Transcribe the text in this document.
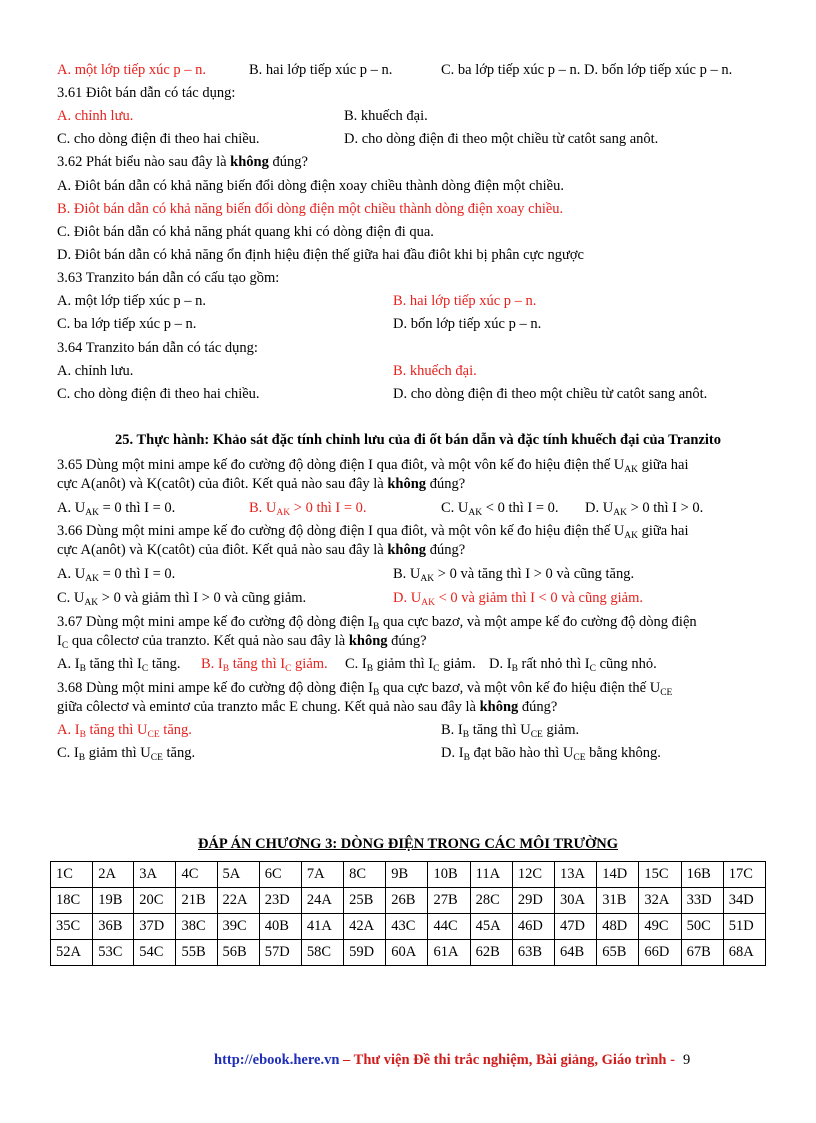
A. một lớp tiếp xúc p – n.	B. hai lớp tiếp xúc p – n.	C. ba lớp tiếp xúc p – n. D. bốn lớp tiếp xúc p – n.
3.61 Điôt bán dẫn có tác dụng:
A. chỉnh lưu.	B. khuếch đại.
C. cho dòng điện đi theo hai chiều.	D. cho dòng điện đi theo một chiều từ catôt sang anôt.
3.62 Phát biểu nào sau đây là không đúng?
A. Điôt bán dẫn có khả năng biến đổi dòng điện xoay chiều thành dòng điện một chiều.
B. Điôt bán dẫn có khả năng biến đổi dòng điện một chiều thành dòng điện xoay chiều.
C. Điôt bán dẫn có khả năng phát quang khi có dòng điện đi qua.
D. Điôt bán dẫn có khả năng ổn định hiệu điện thế giữa hai đầu điôt khi bị phân cực ngược
3.63 Tranzito bán dẫn có cấu tạo gồm:
A. một lớp tiếp xúc p – n.	B. hai lớp tiếp xúc p – n.
C. ba lớp tiếp xúc p – n.	D. bốn lớp tiếp xúc p – n.
3.64 Tranzito bán dẫn có tác dụng:
A. chỉnh lưu.	B. khuếch đại.
C. cho dòng điện đi theo hai chiều.	D. cho dòng điện đi theo một chiều từ catôt sang anôt.
25. Thực hành: Khảo sát đặc tính chỉnh lưu của đi ốt bán dẫn và đặc tính khuếch đại của Tranzito
3.65 Dùng một mini ampe kế đo cường độ dòng điện I qua điôt, và một vôn kế đo hiệu điện thế $U_{AK}$ giữa hai
cực A(anôt) và K(catôt) của điôt. Kết quả nào sau đây là không đúng?
A. $U_{AK} = 0$ thì I = 0.	B. $U_{AK} > 0$ thì I = 0.	C. $U_{AK} < 0$ thì I = 0. D. $U_{AK} > 0$ thì I > 0.
3.66 Dùng một mini ampe kế đo cường độ dòng điện I qua điôt, và một vôn kế đo hiệu điện thế $U_{AK}$ giữa hai
cực A(anôt) và K(catôt) của điôt. Kết quả nào sau đây là không đúng?
A. $U_{AK} = 0$ thì I = 0.	B. $U_{AK} > 0$ và tăng thì I > 0 và cũng tăng.
C. $U_{AK} > 0$ và giảm thì I > 0 và cũng giảm.	D. $U_{AK} < 0$ và giảm thì I < 0 và cũng giảm.
3.67 Dùng một mini ampe kế đo cường độ dòng điện $I_B$ qua cực bazơ, và một ampe kế đo cường độ dòng điện
$I_C$ qua côlectơ của tranzto. Kết quả nào sau đây là không đúng?
A. $I_B$ tăng thì $I_C$ tăng. B. $I_B$ tăng thì $I_C$ giảm. C. $I_B$ giảm thì $I_C$ giảm. D. $I_B$ rất nhỏ thì $I_C$ cũng nhỏ.
3.68 Dùng một mini ampe kế đo cường độ dòng điện $I_B$ qua cực bazơ, và một vôn kế đo hiệu điện thế $U_{CE}$
giữa côlectơ và emintơ của tranzto mắc E chung. Kết quả nào sau đây là không đúng?
A. $I_B$ tăng thì $U_{CE}$ tăng.	B. $I_B$ tăng thì $U_{CE}$ giảm.
C. $I_B$ giảm thì $U_{CE}$ tăng.	D. $I_B$ đạt bão hào thì $U_{CE}$ bằng không.
ĐÁP ÁN CHƯƠNG 3: DÒNG ĐIỆN TRONG CÁC MÔI TRƯỜNG
1C	2A	3A	4C	5A	6C	7A	8C	9B	10B	11A	12C	13A	14D	15C	16B	17C
18C	19B	20C	21B	22A	23D	24A	25B	26B	27B	28C	29D	30A	31B	32A	33D	34D
35C	36B	37D	38C	39C	40B	41A	42A	43C	44C	45A	46D	47D	48D	49C	50C	51D
52A	53C	54C	55B	56B	57D	58C	59D	60A	61A	62B	63B	64B	65B	66D	67B	68A
http://ebook.here.vn – Thư viện Đề thi trắc nghiệm, Bài giảng, Giáo trình - 9
